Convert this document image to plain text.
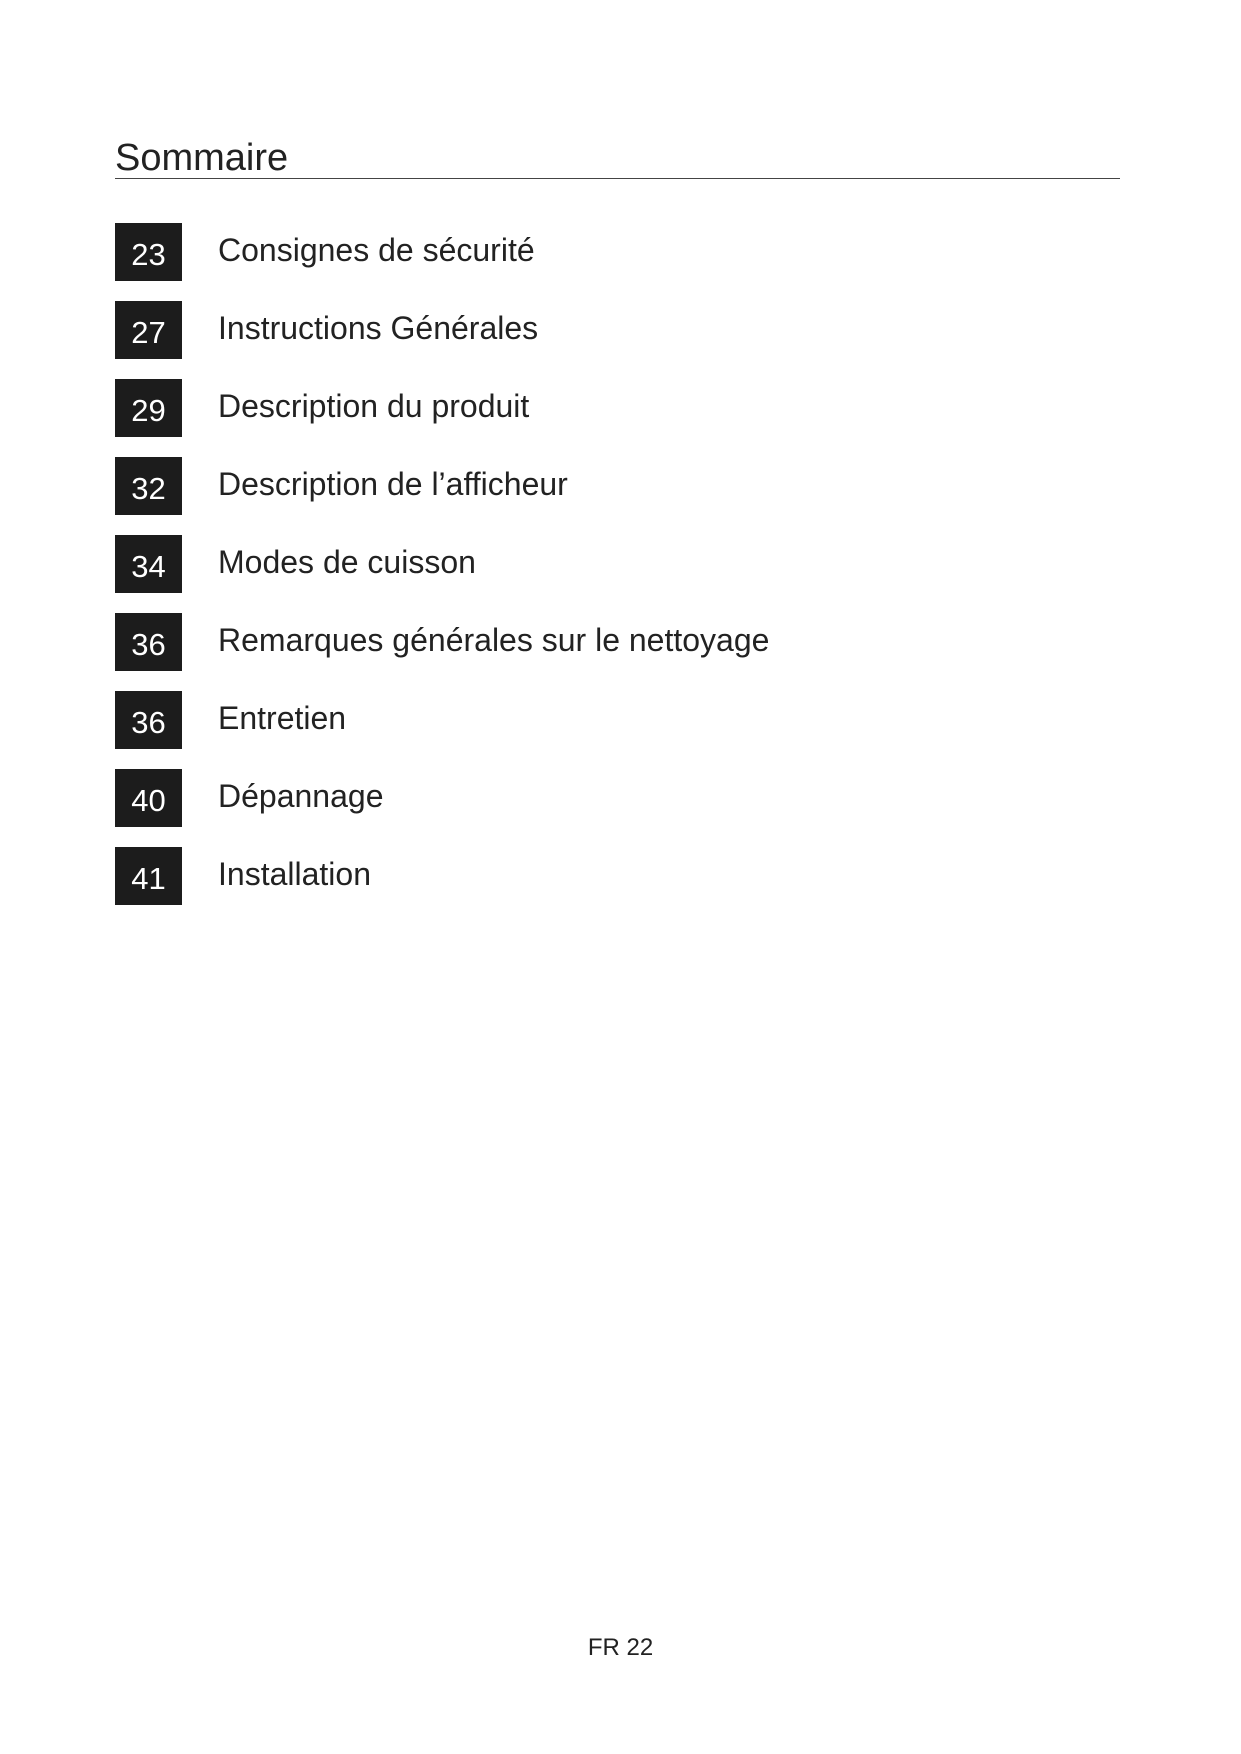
Sommaire
23	Consignes de sécurité
27	Instructions Générales
29	Description du produit
32	Description de l’afficheur
34	Modes de cuisson
36	Remarques générales sur le nettoyage
36	Entretien
40	Dépannage
41	Installation
FR 22
